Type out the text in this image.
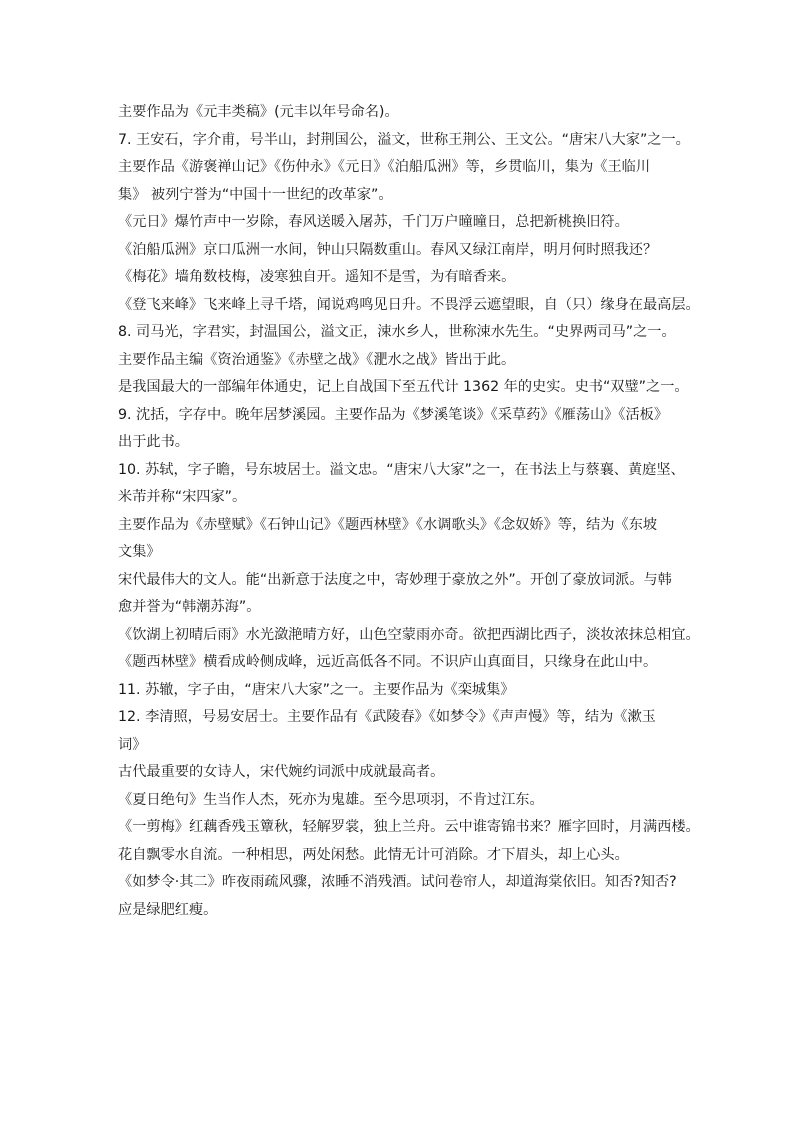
主要作品为《元丰类稿》(元丰以年号命名)。
7. 王安石，字介甫，号半山，封荆国公，溢文，世称王荆公、王文公。“唐宋八大家”之一。
主要作品《游褒禅山记》《伤仲永》《元日》《泊船瓜洲》等，乡贯临川，集为《王临川
集》 被列宁誉为“中国十一世纪的改革家”。
《元日》爆竹声中一岁除，春风送暖入屠苏，千门万户曈曈日，总把新桃换旧符。
《泊船瓜洲》京口瓜洲一水间，钟山只隔数重山。春风又绿江南岸，明月何时照我还？
《梅花》墙角数枝梅，凌寒独自开。遥知不是雪，为有暗香来。
《登飞来峰》飞来峰上寻千塔，闻说鸡鸣见日升。不畏浮云遮望眼，自（只）缘身在最高层。
8. 司马光，字君实，封温国公，溢文正，涑水乡人，世称涑水先生。“史界两司马”之一。
主要作品主编《资治通鉴》《赤壁之战》《淝水之战》皆出于此。
是我国最大的一部编年体通史，记上自战国下至五代计 1362 年的史实。史书“双璧”之一。
9. 沈括，字存中。晚年居梦溪园。主要作品为《梦溪笔谈》《采草药》《雁荡山》《活板》
出于此书。
10. 苏轼，字子瞻，号东坡居士。溢文忠。“唐宋八大家”之一，在书法上与蔡襄、黄庭坚、
米芾并称“宋四家”。
主要作品为《赤壁赋》《石钟山记》《题西林壁》《水调歌头》《念奴娇》等，结为《东坡
文集》
宋代最伟大的文人。能“出新意于法度之中，寄妙理于豪放之外”。开创了豪放词派。与韩
愈并誉为“韩潮苏海”。
《饮湖上初晴后雨》水光潋滟晴方好，山色空蒙雨亦奇。欲把西湖比西子，淡妆浓抹总相宜。
《题西林壁》横看成岭侧成峰，远近高低各不同。不识庐山真面目，只缘身在此山中。
11. 苏辙，字子由，“唐宋八大家”之一。主要作品为《栾城集》
12. 李清照，号易安居士。主要作品有《武陵春》《如梦令》《声声慢》等，结为《漱玉
词》
古代最重要的女诗人，宋代婉约词派中成就最高者。
《夏日绝句》生当作人杰，死亦为鬼雄。至今思项羽，不肯过江东。
《一剪梅》红藕香残玉簟秋，轻解罗裳，独上兰舟。云中谁寄锦书来？雁字回时，月满西楼。
花自飘零水自流。一种相思，两处闲愁。此情无计可消除。才下眉头，却上心头。
《如梦令·其二》昨夜雨疏风骤，浓睡不消残酒。试问卷帘人，却道海棠依旧。知否?知否?
应是绿肥红瘦。
